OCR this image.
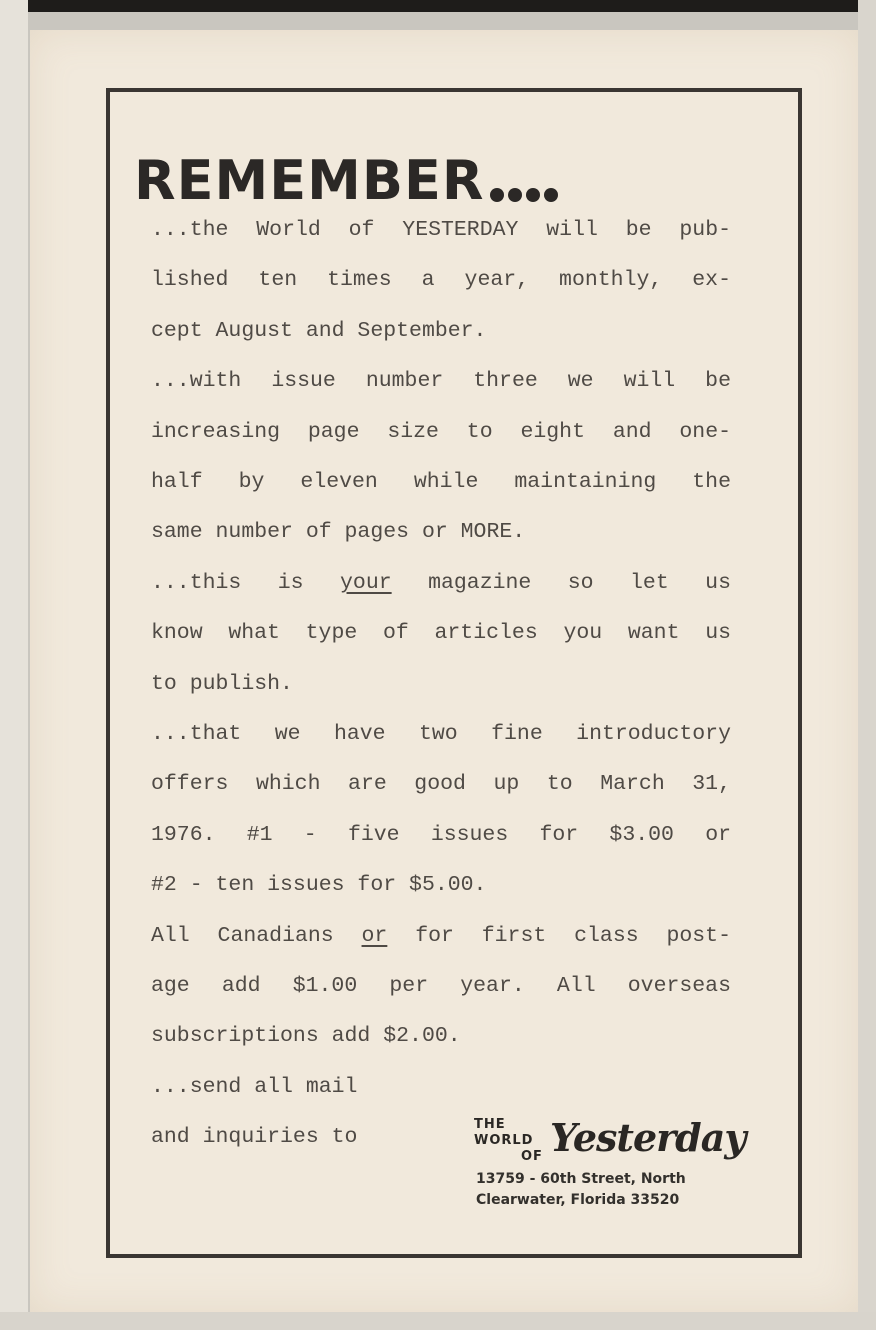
REMEMBER
...the World of YESTERDAY will be pub-
lished ten times a year, monthly, ex-
cept August and September.
...with issue number three we will be
increasing page size to eight and one-
half by eleven while maintaining the
same number of pages or MORE.
...this is your magazine so let us
know what type of articles you want us
to publish.
...that we have two fine introductory
offers which are good up to March 31,
1976. #1 - five issues for $3.00 or
#2 - ten issues for $5.00.
All Canadians or for first class post-
age add $1.00 per year. All overseas
subscriptions add $2.00.
...send all mail
and inquiries to
THE
WORLD
OF Yesterday
13759 - 60th Street, North
Clearwater, Florida 33520
